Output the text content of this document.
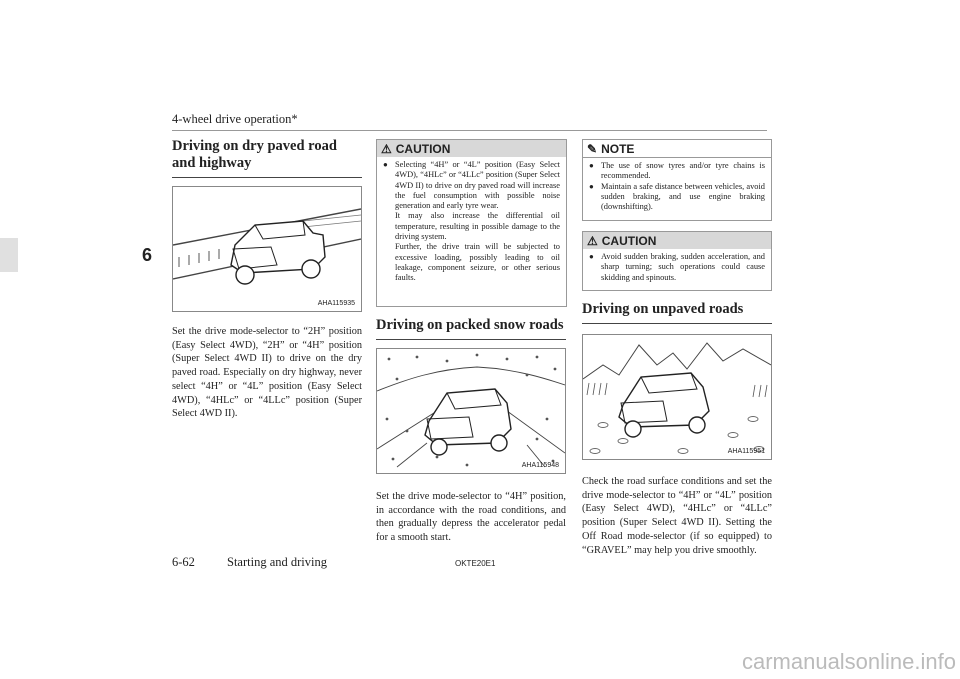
4-wheel drive operation*
6
Driving on dry paved road and highway
AHA115935
Set the drive mode-selector to “2H” position (Easy Select 4WD), “2H” or “4H” position (Super Select 4WD II) to drive on the dry paved road. Especially on dry highway, never select “4H” or “4L” position (Easy Select 4WD), “4HLc” or “4LLc” position (Super Select 4WD II).
⚠ CAUTION
● Selecting “4H” or “4L” position (Easy Select 4WD), “4HLc” or “4LLc” position (Super Select 4WD II) to drive on dry paved road will increase the fuel consumption with possible noise generation and early tyre wear.
It may also increase the differential oil temperature, resulting in possible damage to the driving system.
Further, the drive train will be subjected to excessive loading, possibly leading to oil leakage, component seizure, or other serious faults.
Driving on packed snow roads
AHA115948
Set the drive mode-selector to “4H” position, in accordance with the road conditions, and then gradually depress the accelerator pedal for a smooth start.
✎ NOTE
● The use of snow tyres and/or tyre chains is recommended.
● Maintain a safe distance between vehicles, avoid sudden braking, and use engine braking (downshifting).
⚠ CAUTION
● Avoid sudden braking, sudden acceleration, and sharp turning; such operations could cause skidding and spinouts.
Driving on unpaved roads
AHA115951
Check the road surface conditions and set the drive mode-selector to “4H” or “4L” position (Easy Select 4WD), “4HLc” or “4LLc” position (Super Select 4WD II). Setting the Off Road mode-selector (if so equipped) to “GRAVEL” may help you drive smoothly.
6-62	Starting and driving	OKTE20E1
carmanualsonline.info
